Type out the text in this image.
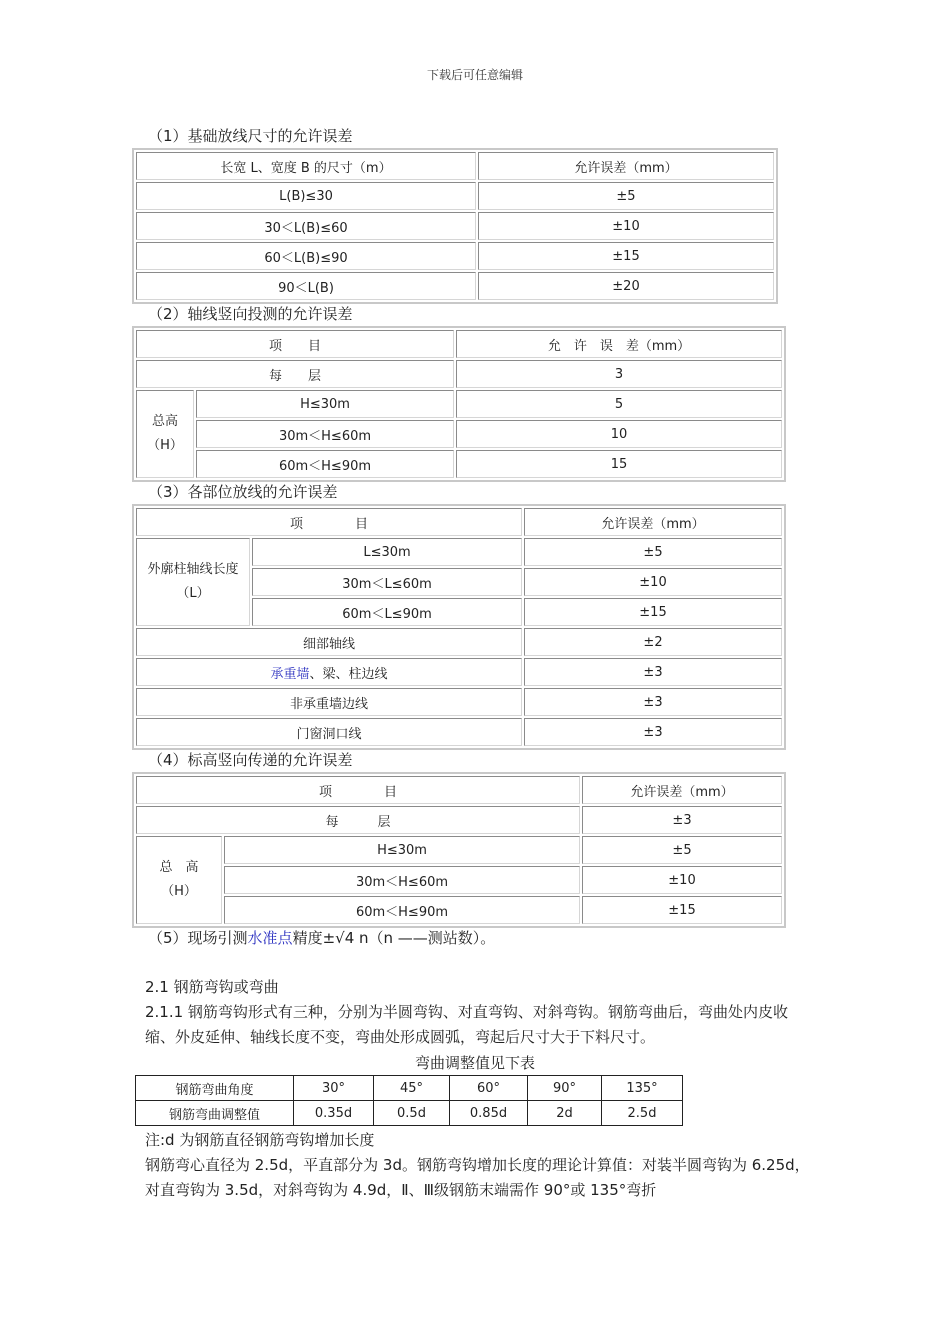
下载后可任意编辑
（1）基础放线尺寸的允许误差
长宽 L、宽度 B 的尺寸（m）	允许误差（mm）
L(B)≤30	±5
30＜L(B)≤60	±10
60＜L(B)≤90	±15
90＜L(B)	±20
（2）轴线竖向投测的允许误差
项　　目		允　许　误　差（mm）
每　　层		3

总高
（H）	H≤30m	5
	30m＜H≤60m	10
	60m＜H≤90m	15
（3）各部位放线的允许误差
项　　　　目		允许误差（mm）

外廓柱轴线长度
（L）	L≤30m	±5
	30m＜L≤60m	±10
	60m＜L≤90m	±15
细部轴线		±2
承重墙、梁、柱边线		±3
非承重墙边线		±3
门窗洞口线		±3
（4）标高竖向传递的允许误差
项　　　　目		允许误差（mm）
每　　　层		±3

总　高
（H）	H≤30m	±5
	30m＜H≤60m	±10
	60m＜H≤90m	±15
（5）现场引测水准点精度±√4 n（n ——测站数）。
2.1 钢筋弯钩或弯曲
2.1.1 钢筋弯钩形式有三种，分别为半圆弯钩、对直弯钩、对斜弯钩。钢筋弯曲后，弯曲处内皮收缩、外皮延伸、轴线长度不变，弯曲处形成圆弧，弯起后尺寸大于下料尺寸。
弯曲调整值见下表
钢筋弯曲角度	30°	45°	60°	90°	135°
钢筋弯曲调整值	0.35d	0.5d	0.85d	2d	2.5d
注:d 为钢筋直径钢筋弯钩增加长度
钢筋弯心直径为 2.5d，平直部分为 3d。钢筋弯钩增加长度的理论计算值：对装半圆弯钩为 6.25d，对直弯钩为 3.5d，对斜弯钩为 4.9d，Ⅱ、Ⅲ级钢筋末端需作 90°或 135°弯折
